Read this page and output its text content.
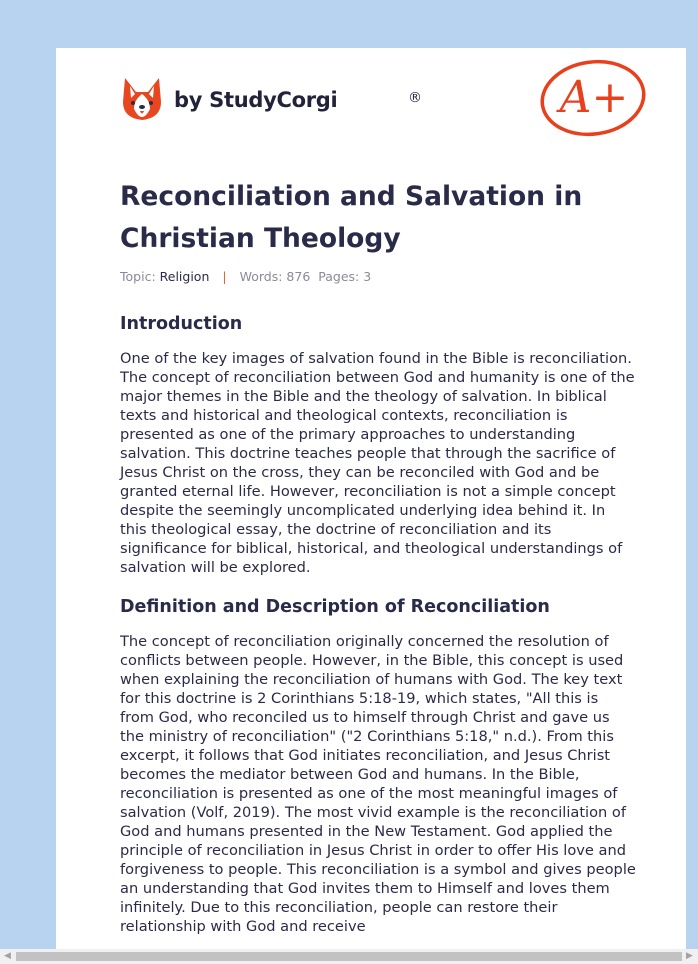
by StudyCorgi	®	A+
Reconciliation and Salvation in Christian Theology
Topic: Religion | Words: 876 Pages: 3
Introduction

One of the key images of salvation found in the Bible is reconciliation. The concept of reconciliation between God and humanity is one of the major themes in the Bible and the theology of salvation. In biblical texts and historical and theological contexts, reconciliation is presented as one of the primary approaches to understanding salvation. This doctrine teaches people that through the sacrifice of Jesus Christ on the cross, they can be reconciled with God and be granted eternal life. However, reconciliation is not a simple concept despite the seemingly uncomplicated underlying idea behind it. In this theological essay, the doctrine of reconciliation and its significance for biblical, historical, and theological understandings of salvation will be explored.

Definition and Description of Reconciliation

The concept of reconciliation originally concerned the resolution of conflicts between people. However, in the Bible, this concept is used when explaining the reconciliation of humans with God. The key text for this doctrine is 2 Corinthians 5:18-19, which states, "All this is from God, who reconciled us to himself through Christ and gave us the ministry of reconciliation" ("2 Corinthians 5:18," n.d.). From this excerpt, it follows that God initiates reconciliation, and Jesus Christ becomes the mediator between God and humans. In the Bible, reconciliation is presented as one of the most meaningful images of salvation (Volf, 2019). The most vivid example is the reconciliation of God and humans presented in the New Testament. God applied the principle of reconciliation in Jesus Christ in order to offer His love and forgiveness to people. This reconciliation is a symbol and gives people an understanding that God invites them to Himself and loves them infinitely. Due to this reconciliation, people can restore their relationship with God and receive

◀	▶
